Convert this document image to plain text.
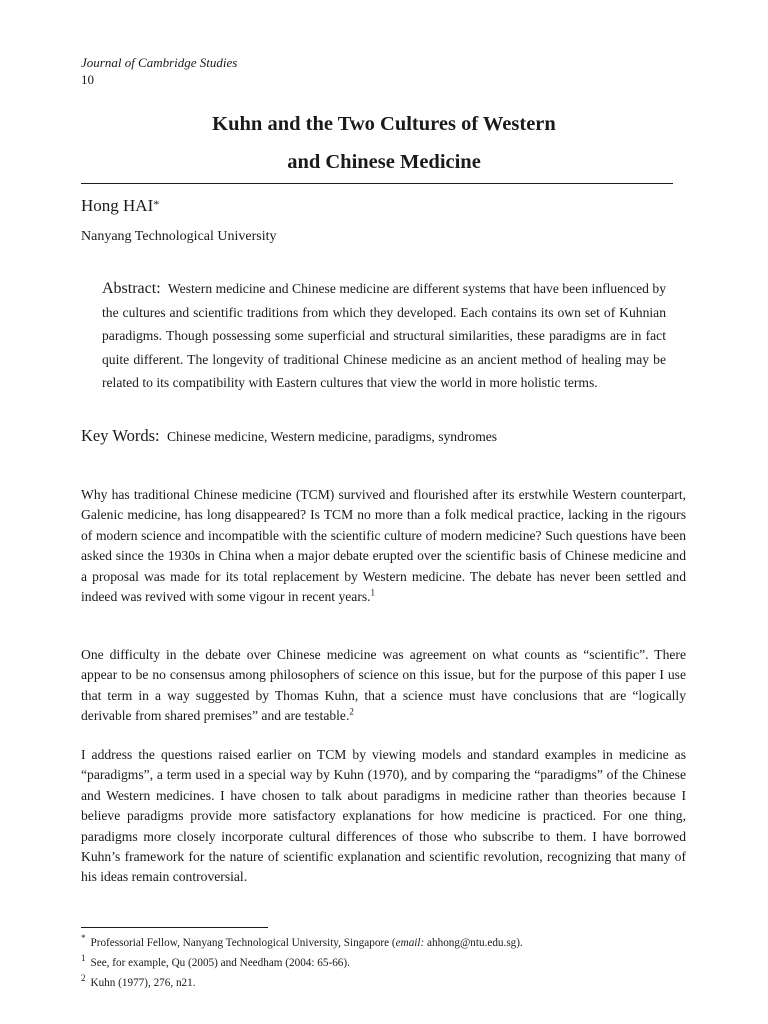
Journal of Cambridge Studies
10
Kuhn and the Two Cultures of Western
and Chinese Medicine
Hong HAI*
Nanyang Technological University
Abstract: Western medicine and Chinese medicine are different systems that have been influenced by the cultures and scientific traditions from which they developed. Each contains its own set of Kuhnian paradigms. Though possessing some superficial and structural similarities, these paradigms are in fact quite different. The longevity of traditional Chinese medicine as an ancient method of healing may be related to its compatibility with Eastern cultures that view the world in more holistic terms.
Key Words: Chinese medicine, Western medicine, paradigms, syndromes
Why has traditional Chinese medicine (TCM) survived and flourished after its erstwhile Western counterpart, Galenic medicine, has long disappeared? Is TCM no more than a folk medical practice, lacking in the rigours of modern science and incompatible with the scientific culture of modern medicine? Such questions have been asked since the 1930s in China when a major debate erupted over the scientific basis of Chinese medicine and a proposal was made for its total replacement by Western medicine. The debate has never been settled and indeed was revived with some vigour in recent years.$^1$
One difficulty in the debate over Chinese medicine was agreement on what counts as “scientific”. There appear to be no consensus among philosophers of science on this issue, but for the purpose of this paper I use that term in a way suggested by Thomas Kuhn, that a science must have conclusions that are “logically derivable from shared premises” and are testable.$^2$
I address the questions raised earlier on TCM by viewing models and standard examples in medicine as “paradigms”, a term used in a special way by Kuhn (1970), and by comparing the “paradigms” of the Chinese and Western medicines. I have chosen to talk about paradigms in medicine rather than theories because I believe paradigms provide more satisfactory explanations for how medicine is practiced. For one thing, paradigms more closely incorporate cultural differences of those who subscribe to them. I have borrowed Kuhn’s framework for the nature of scientific explanation and scientific revolution, recognizing that many of his ideas remain controversial.
* Professorial Fellow, Nanyang Technological University, Singapore (email: ahhong@ntu.edu.sg).
$^1$ See, for example, Qu (2005) and Needham (2004: 65-66).
$^2$ Kuhn (1977), 276, n21.
